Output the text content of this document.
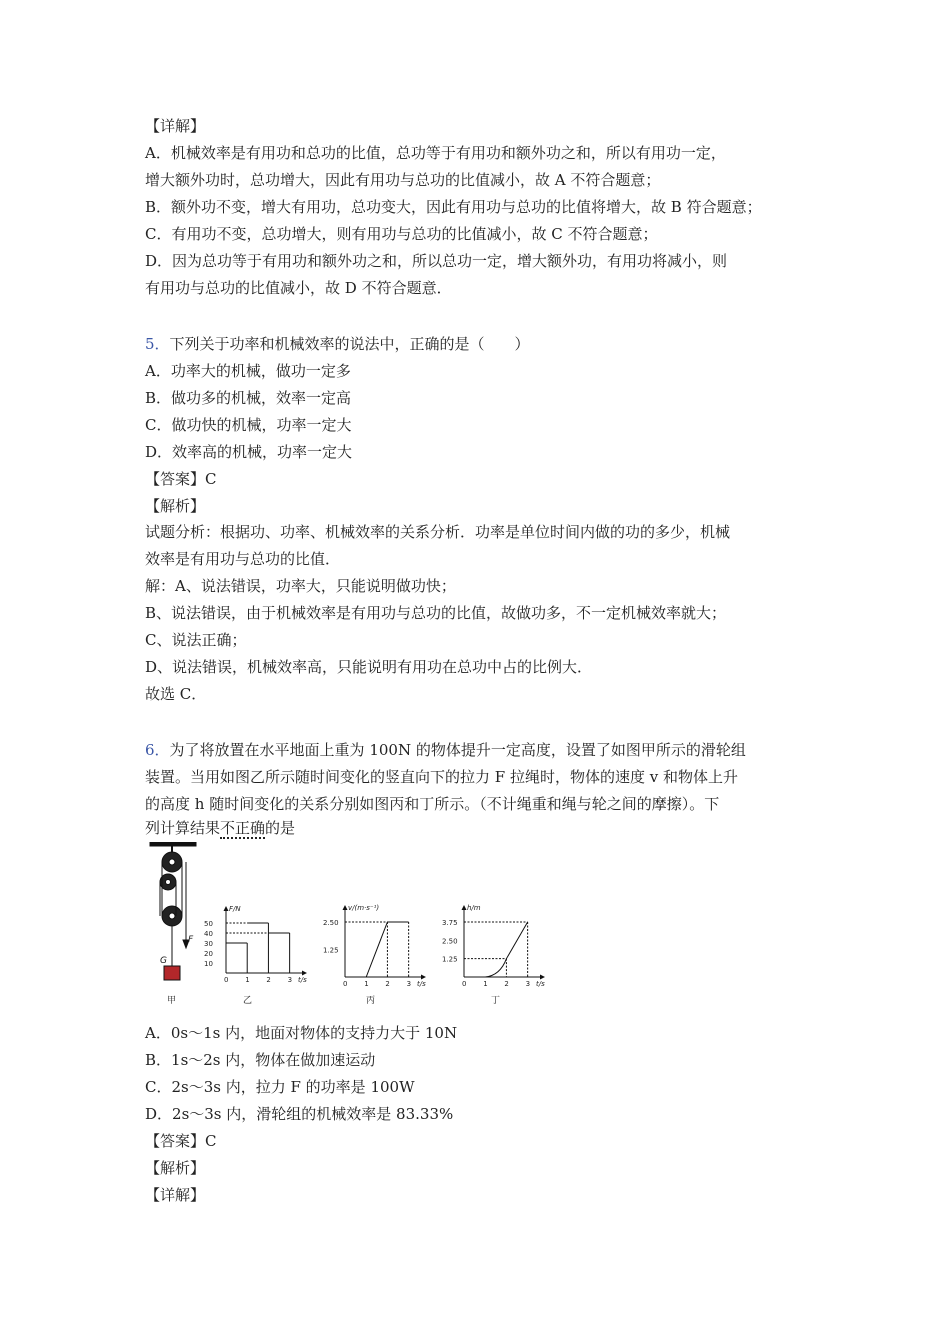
【详解】
A．机械效率是有用功和总功的比值，总功等于有用功和额外功之和，所以有用功一定，
增大额外功时，总功增大，因此有用功与总功的比值减小，故 A 不符合题意；
B．额外功不变，增大有用功，总功变大，因此有用功与总功的比值将增大，故 B 符合题意；
C．有用功不变，总功增大，则有用功与总功的比值减小，故 C 不符合题意；
D．因为总功等于有用功和额外功之和，所以总功一定，增大额外功，有用功将减小，则
有用功与总功的比值减小，故 D 不符合题意．
5．下列关于功率和机械效率的说法中，正确的是（　　）
A．功率大的机械，做功一定多
B．做功多的机械，效率一定高
C．做功快的机械，功率一定大
D．效率高的机械，功率一定大
【答案】C
【解析】
试题分析：根据功、功率、机械效率的关系分析．功率是单位时间内做的功的多少，机械
效率是有用功与总功的比值．
解：A、说法错误，功率大，只能说明做功快；
B、说法错误，由于机械效率是有用功与总功的比值，故做功多，不一定机械效率就大；
C、说法正确；
D、说法错误，机械效率高，只能说明有用功在总功中占的比例大．
故选 C．
6．为了将放置在水平地面上重为 100N 的物体提升一定高度，设置了如图甲所示的滑轮组
装置。当用如图乙所示随时间变化的竖直向下的拉力 F 拉绳时，物体的速度 v 和物体上升
的高度 h 随时间变化的关系分别如图丙和丁所示。（不计绳重和绳与轮之间的摩擦）。下
列计算结果不正确的是
F
G
甲
F/N
t/s
0 1 2 3
50
40
30
20
10
乙
v/(m·s⁻¹)
t/s
0 1 2 3
2.50
1.25
丙
h/m
t/s
0 1 2 3
3.75
2.50
1.25
丁
A．0s～1s 内，地面对物体的支持力大于 10N
B．1s～2s 内，物体在做加速运动
C．2s～3s 内，拉力 F 的功率是 100W
D．2s～3s 内，滑轮组的机械效率是 83.33%
【答案】C
【解析】
【详解】
